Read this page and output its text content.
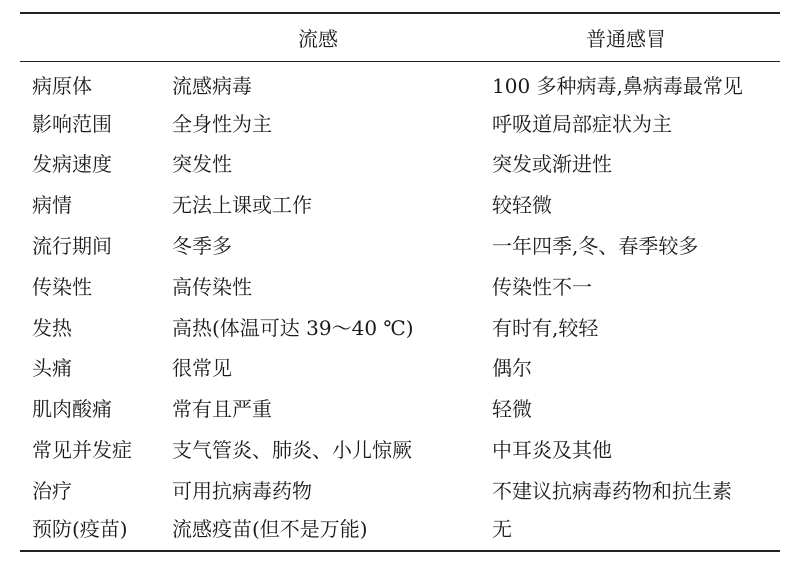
	流感	普通感冒
病原体	流感病毒	100 多种病毒,鼻病毒最常见
影响范围	全身性为主	呼吸道局部症状为主
发病速度	突发性	突发或渐进性
病情	无法上课或工作	较轻微
流行期间	冬季多	一年四季,冬、春季较多
传染性	高传染性	传染性不一
发热	高热(体温可达 39～40 ℃)	有时有,较轻
头痛	很常见	偶尔
肌肉酸痛	常有且严重	轻微
常见并发症	支气管炎、肺炎、小儿惊厥	中耳炎及其他
治疗	可用抗病毒药物	不建议抗病毒药物和抗生素
预防(疫苗)	流感疫苗(但不是万能)	无
